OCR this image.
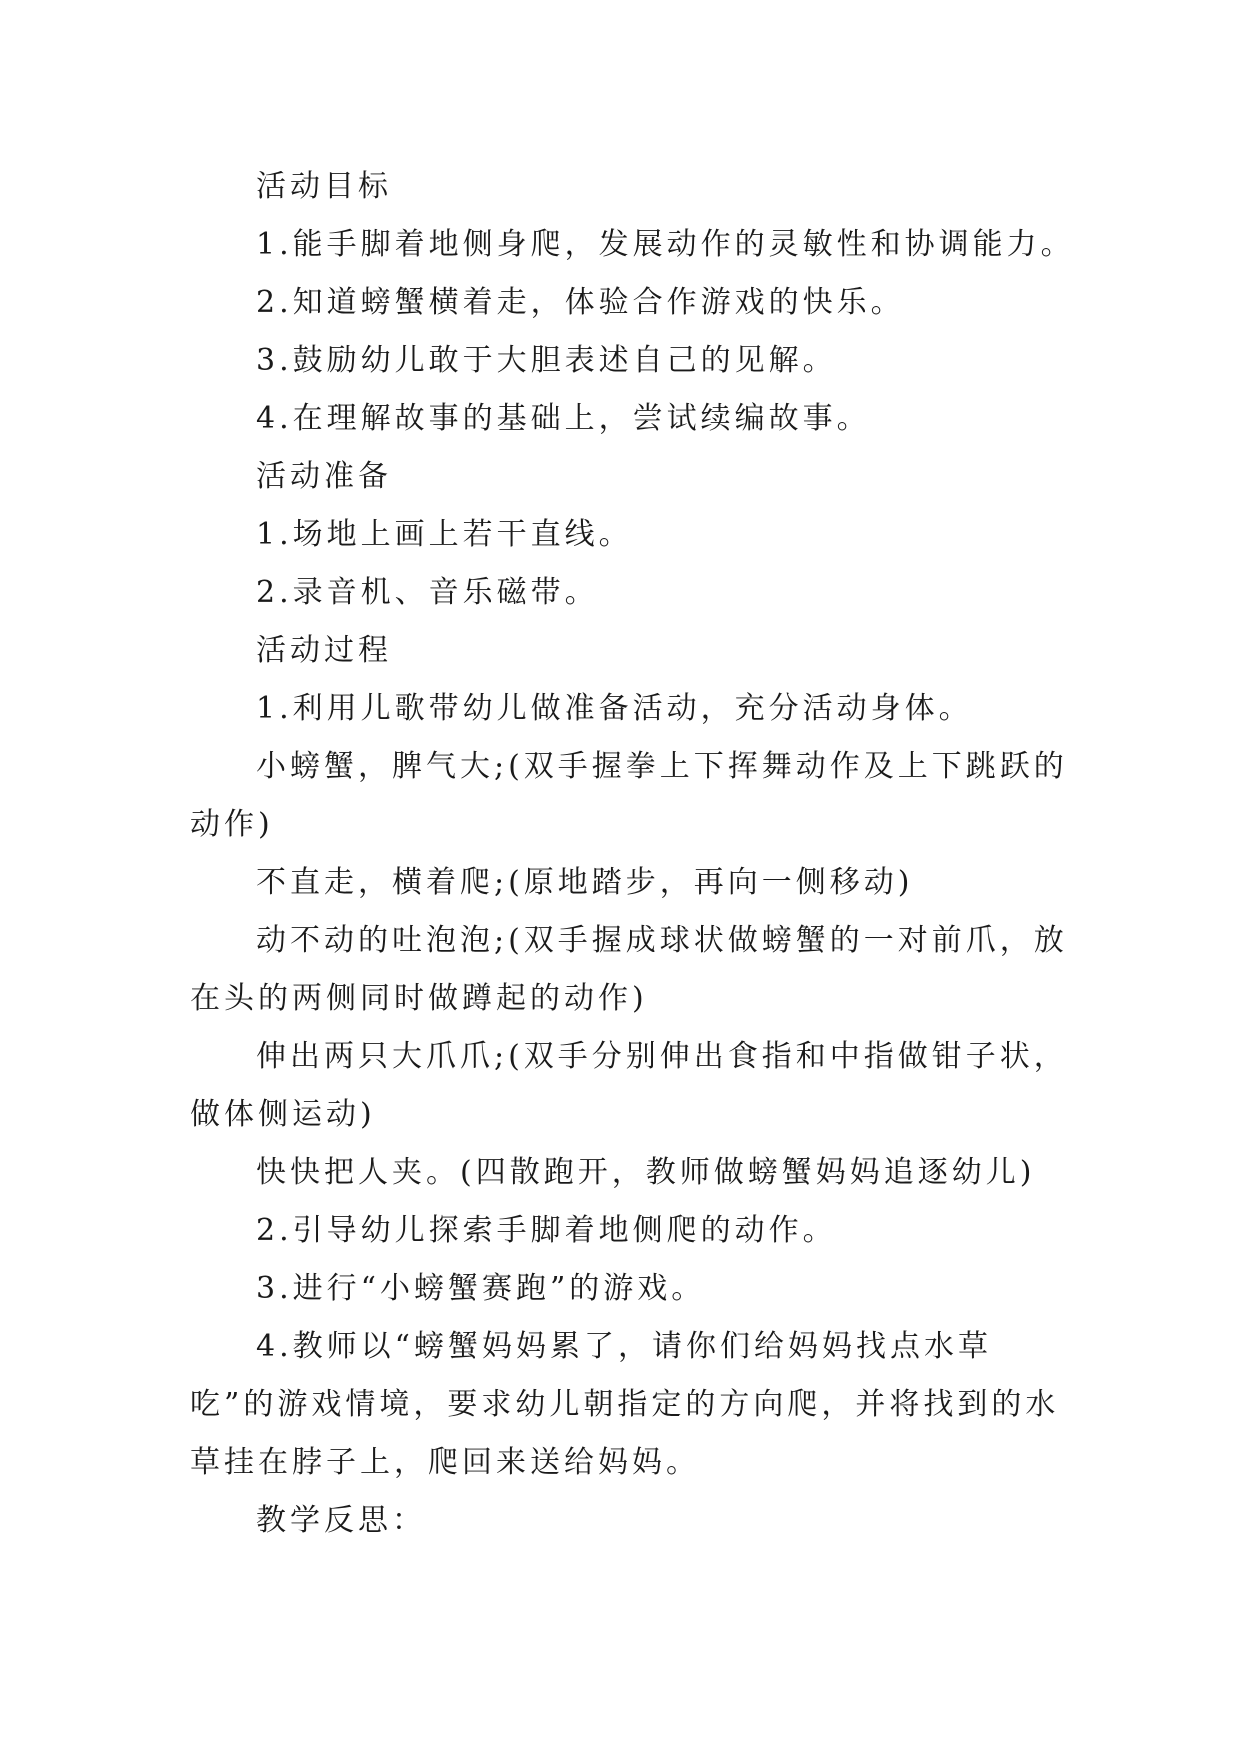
活动目标

1.能手脚着地侧身爬，发展动作的灵敏性和协调能力。

2.知道螃蟹横着走，体验合作游戏的快乐。

3.鼓励幼儿敢于大胆表述自己的见解。

4.在理解故事的基础上，尝试续编故事。

活动准备

1.场地上画上若干直线。

2.录音机、音乐磁带。

活动过程

1.利用儿歌带幼儿做准备活动，充分活动身体。

小螃蟹，脾气大;(双手握拳上下挥舞动作及上下跳跃的动作)

不直走，横着爬;(原地踏步，再向一侧移动)

动不动的吐泡泡;(双手握成球状做螃蟹的一对前爪，放在头的两侧同时做蹲起的动作)

伸出两只大爪爪;(双手分别伸出食指和中指做钳子状，做体侧运动)

快快把人夹。(四散跑开，教师做螃蟹妈妈追逐幼儿)

2.引导幼儿探索手脚着地侧爬的动作。

3.进行“小螃蟹赛跑”的游戏。

4.教师以“螃蟹妈妈累了，请你们给妈妈找点水草吃”的游戏情境，要求幼儿朝指定的方向爬，并将找到的水草挂在脖子上，爬回来送给妈妈。

教学反思：
